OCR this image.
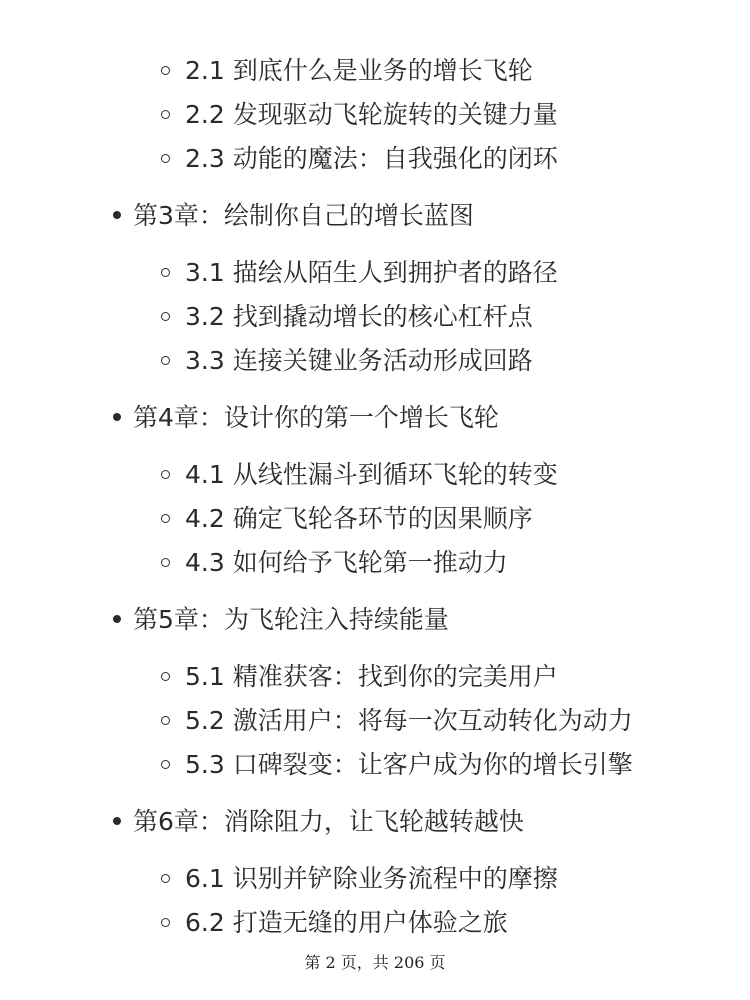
2.1 到底什么是业务的增长飞轮
2.2 发现驱动飞轮旋转的关键力量
2.3 动能的魔法：自我强化的闭环
第3章：绘制你自己的增长蓝图
3.1 描绘从陌生人到拥护者的路径
3.2 找到撬动增长的核心杠杆点
3.3 连接关键业务活动形成回路
第4章：设计你的第一个增长飞轮
4.1 从线性漏斗到循环飞轮的转变
4.2 确定飞轮各环节的因果顺序
4.3 如何给予飞轮第一推动力
第5章：为飞轮注入持续能量
5.1 精准获客：找到你的完美用户
5.2 激活用户：将每一次互动转化为动力
5.3 口碑裂变：让客户成为你的增长引擎
第6章：消除阻力，让飞轮越转越快
6.1 识别并铲除业务流程中的摩擦
6.2 打造无缝的用户体验之旅
第 2 页，共 206 页
